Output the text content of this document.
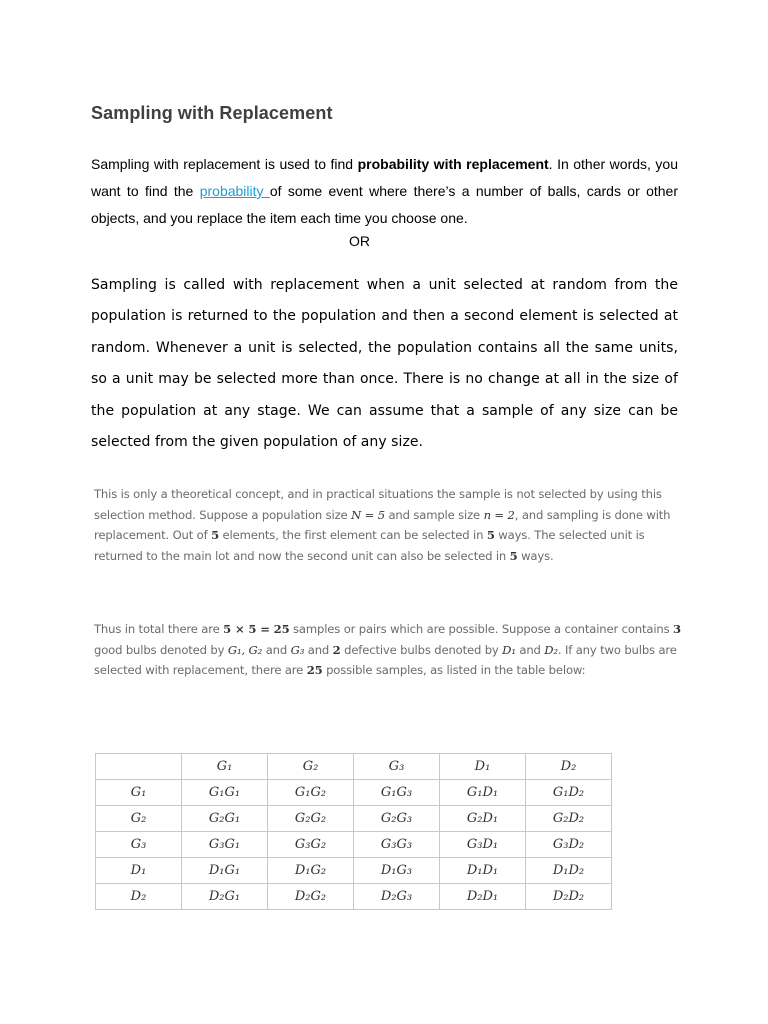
Sampling with Replacement

Sampling with replacement is used to find probability with replacement. In other words, you want to find the probability of some event where there’s a number of balls, cards or other objects, and you replace the item each time you choose one.

OR

Sampling is called with replacement when a unit selected at random from the population is returned to the population and then a second element is selected at random. Whenever a unit is selected, the population contains all the same units, so a unit may be selected more than once. There is no change at all in the size of the population at any stage. We can assume that a sample of any size can be selected from the given population of any size.

This is only a theoretical concept, and in practical situations the sample is not selected by using this selection method. Suppose a population size N = 5 and sample size n = 2, and sampling is done with replacement. Out of 5 elements, the first element can be selected in 5 ways. The selected unit is returned to the main lot and now the second unit can also be selected in 5 ways.

Thus in total there are 5 × 5 = 25 samples or pairs which are possible. Suppose a container contains 3 good bulbs denoted by G₁, G₂ and G₃ and 2 defective bulbs denoted by D₁ and D₂. If any two bulbs are selected with replacement, there are 25 possible samples, as listed in the table below:

	G₁	G₂	G₃	D₁	D₂
G₁	G₁G₁	G₁G₂	G₁G₃	G₁D₁	G₁D₂
G₂	G₂G₁	G₂G₂	G₂G₃	G₂D₁	G₂D₂
G₃	G₃G₁	G₃G₂	G₃G₃	G₃D₁	G₃D₂
D₁	D₁G₁	D₁G₂	D₁G₃	D₁D₁	D₁D₂
D₂	D₂G₁	D₂G₂	D₂G₃	D₂D₁	D₂D₂
